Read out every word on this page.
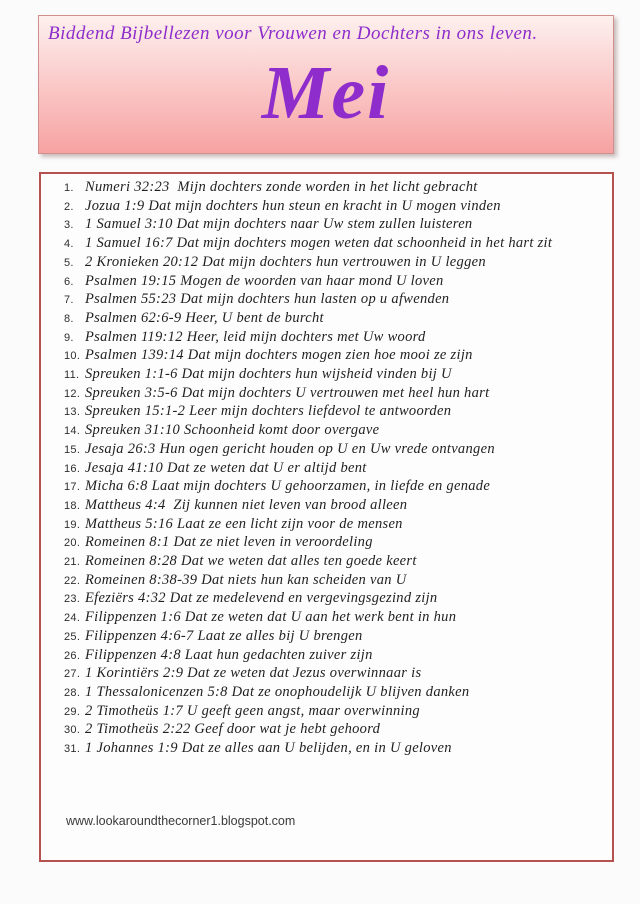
Biddend Bijbellezen voor Vrouwen en Dochters in ons leven.
Mei
Numeri 32:23  Mijn dochters zonde worden in het licht gebracht
Jozua 1:9 Dat mijn dochters hun steun en kracht in U mogen vinden
1 Samuel 3:10 Dat mijn dochters naar Uw stem zullen luisteren
1 Samuel 16:7 Dat mijn dochters mogen weten dat schoonheid in het hart zit
2 Kronieken 20:12 Dat mijn dochters hun vertrouwen in U leggen
Psalmen 19:15 Mogen de woorden van haar mond U loven
Psalmen 55:23 Dat mijn dochters hun lasten op u afwenden
Psalmen 62:6-9 Heer, U bent de burcht
Psalmen 119:12 Heer, leid mijn dochters met Uw woord
Psalmen 139:14 Dat mijn dochters mogen zien hoe mooi ze zijn
Spreuken 1:1-6 Dat mijn dochters hun wijsheid vinden bij U
Spreuken 3:5-6 Dat mijn dochters U vertrouwen met heel hun hart
Spreuken 15:1-2 Leer mijn dochters liefdevol te antwoorden
Spreuken 31:10 Schoonheid komt door overgave
Jesaja 26:3 Hun ogen gericht houden op U en Uw vrede ontvangen
Jesaja 41:10 Dat ze weten dat U er altijd bent
Micha 6:8 Laat mijn dochters U gehoorzamen, in liefde en genade
Mattheus 4:4  Zij kunnen niet leven van brood alleen
Mattheus 5:16 Laat ze een licht zijn voor de mensen
Romeinen 8:1 Dat ze niet leven in veroordeling
Romeinen 8:28 Dat we weten dat alles ten goede keert
Romeinen 8:38-39 Dat niets hun kan scheiden van U
Efeziërs 4:32 Dat ze medelevend en vergevingsgezind zijn
Filippenzen 1:6 Dat ze weten dat U aan het werk bent in hun
Filippenzen 4:6-7 Laat ze alles bij U brengen
Filippenzen 4:8 Laat hun gedachten zuiver zijn
1 Korintiërs 2:9 Dat ze weten dat Jezus overwinnaar is
1 Thessalonicenzen 5:8 Dat ze onophoudelijk U blijven danken
2 Timotheüs 1:7 U geeft geen angst, maar overwinning
2 Timotheüs 2:22 Geef door wat je hebt gehoord
1 Johannes 1:9 Dat ze alles aan U belijden, en in U geloven
www.lookaroundthecorner1.blogspot.com
